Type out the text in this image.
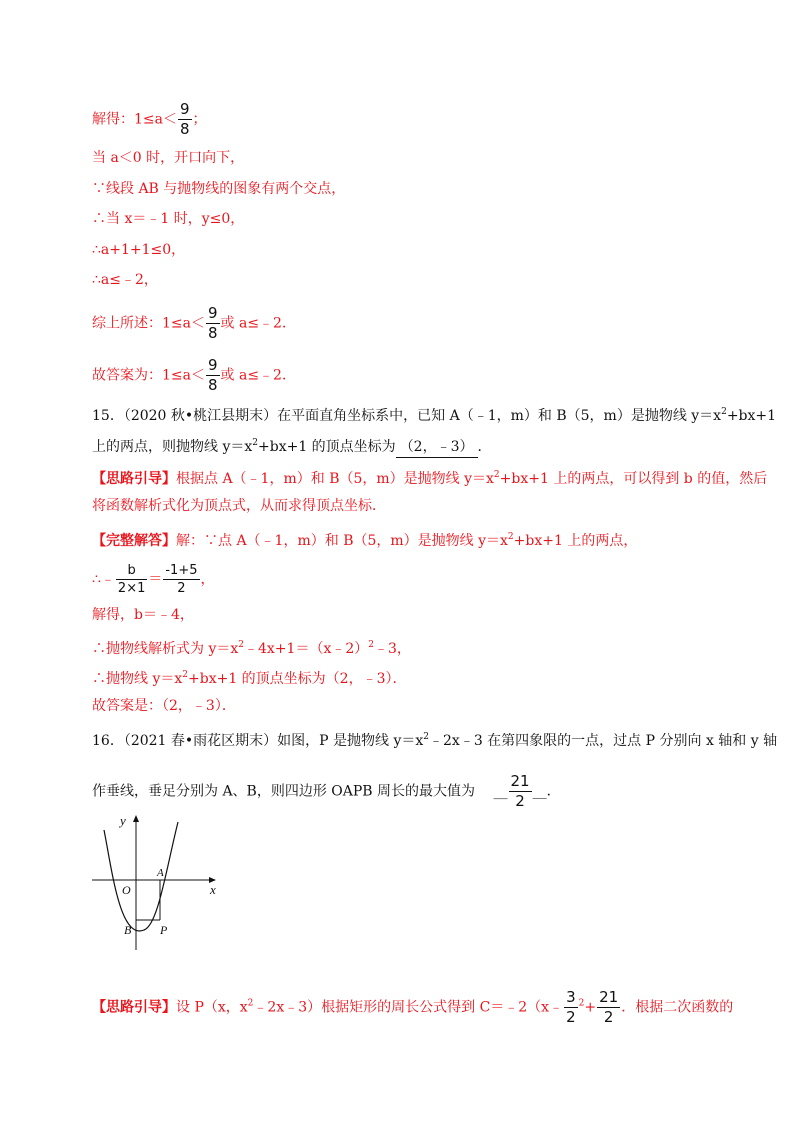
解得：$1\le a< \frac{9}{8}$ ；
当 a＜0 时，开口向下，
∵线段 AB 与抛物线的图象有两个交点，
∴当 x＝﹣1 时，y≤0，
∴a+1+1≤0，
∴a≤﹣2，
综上所述：$1\le a< \frac{9}{8}$ 或 a≤﹣2．
故答案为：$1\le a< \frac{9}{8}$ 或 a≤﹣2．
15．（2020 秋•桃江县期末）在平面直角坐标系中，已知 A（﹣1，m）和 B（5，m）是抛物线 $y=x^2+bx+1$
上的两点，则抛物线 $y=x^2+bx+1$ 的顶点坐标为 （2，﹣3） ．
【思路引导】根据点 A（﹣1，m）和 B（5，m）是抛物线 $y=x^2+bx+1$ 上的两点，可以得到 b 的值，然后
将函数解析式化为顶点式，从而求得顶点坐标．
【完整解答】解：∵点 A（﹣1，m）和 B（5，m）是抛物线 $y=x^2+bx+1$ 上的两点，
∴﹣ $\frac{b}{2\times 1} = \frac{-1+5}{2}$ ，
解得，b＝﹣4，
∴抛物线解析式为 $y=x^2﹣4x+1=(x﹣2)^2﹣3$，
∴抛物线 $y=x^2+bx+1$ 的顶点坐标为（2，﹣3）．
故答案是：（2，﹣3）．
16．（2021 春•雨花区期末）如图，P 是抛物线 $y=x^2﹣2x﹣3$ 在第四象限的一点，过点 P 分别向 x 轴和 y 轴
作垂线，垂足分别为 A、B，则四边形 OAPB 周长的最大值为 __ $\frac{21}{2}$ __．
y
x
O
A
B P
【思路引导】设 P（x，$x^2﹣2x﹣3$）根据矩形的周长公式得到 C＝﹣2（x﹣ $\frac{3}{2} ^2+ \frac{21}{2}$ ．根据二次函数的
